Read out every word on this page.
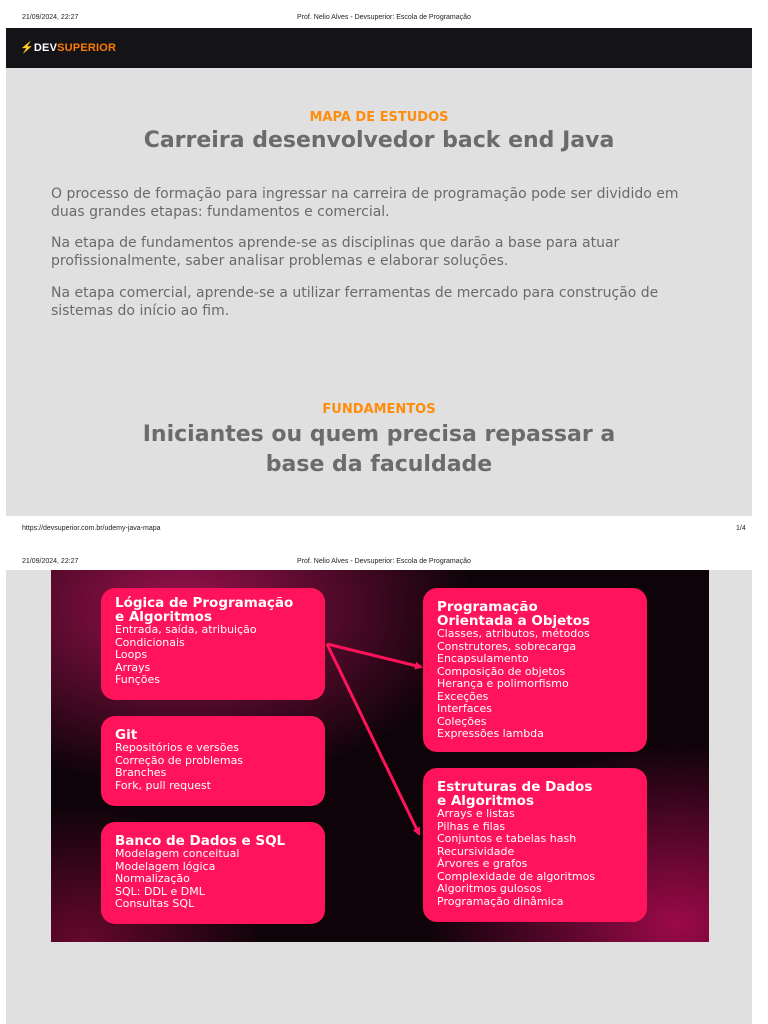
21/09/2024, 22:27	Prof. Nelio Alves - Devsuperior: Escola de Programação
⚡DEVSUPERIOR
MAPA DE ESTUDOS
Carreira desenvolvedor back end Java
O processo de formação para ingressar na carreira de programação pode ser dividido em duas grandes etapas: fundamentos e comercial.
Na etapa de fundamentos aprende-se as disciplinas que darão a base para atuar profissionalmente, saber analisar problemas e elaborar soluções.
Na etapa comercial, aprende-se a utilizar ferramentas de mercado para construção de sistemas do início ao fim.
FUNDAMENTOS
Iniciantes ou quem precisa repassar a
base da faculdade
https://devsuperior.com.br/udemy-java-mapa	1/4
21/09/2024, 22:27	Prof. Nelio Alves - Devsuperior: Escola de Programação
Lógica de Programação
e Algoritmos
Entrada, saída, atribuição
Condicionais
Loops
Arrays
Funções
Git
Repositórios e versões
Correção de problemas
Branches
Fork, pull request
Banco de Dados e SQL
Modelagem conceitual
Modelagem lógica
Normalização
SQL: DDL e DML
Consultas SQL
Programação
Orientada a Objetos
Classes, atributos, métodos
Construtores, sobrecarga
Encapsulamento
Composição de objetos
Herança e polimorfismo
Exceções
Interfaces
Coleções
Expressões lambda
Estruturas de Dados
e Algoritmos
Arrays e listas
Pilhas e filas
Conjuntos e tabelas hash
Recursividade
Árvores e grafos
Complexidade de algoritmos
Algoritmos gulosos
Programação dinâmica
